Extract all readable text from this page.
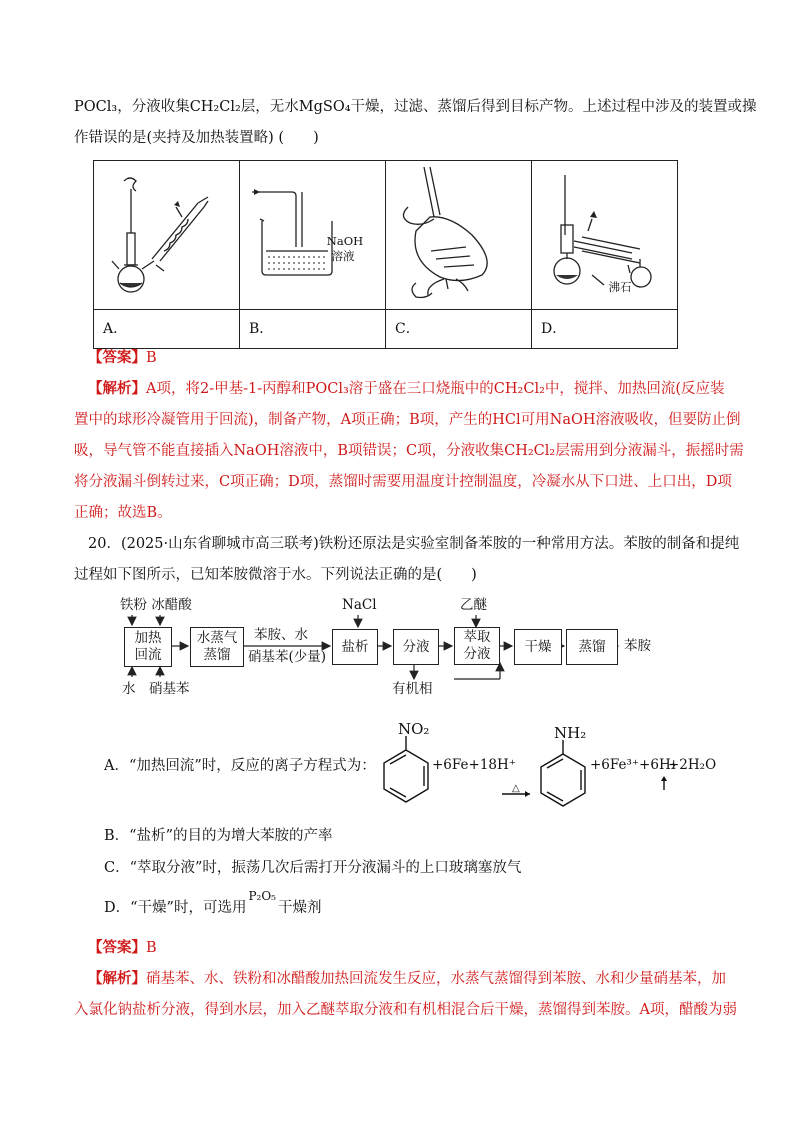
POCl₃，分液收集CH₂Cl₂层，无水MgSO₄干燥，过滤、蒸馏后得到目标产物。上述过程中涉及的装置或操
作错误的是(夹持及加热装置略) (　　)

NaOH
溶液		沸石

A．	B．	C．	D．
【答案】B
【解析】A项，将2-甲基-1-丙醇和POCl₃溶于盛在三口烧瓶中的CH₂Cl₂中，搅拌、加热回流(反应装
置中的球形冷凝管用于回流)，制备产物，A项正确；B项，产生的HCl可用NaOH溶液吸收，但要防止倒
吸，导气管不能直接插入NaOH溶液中，B项错误；C项，分液收集CH₂Cl₂层需用到分液漏斗，振摇时需
将分液漏斗倒转过来，C项正确；D项，蒸馏时需要用温度计控制温度，冷凝水从下口进、上口出，D项
正确；故选B。
20．(2025·山东省聊城市高三联考)铁粉还原法是实验室制备苯胺的一种常用方法。苯胺的制备和提纯
过程如下图所示，已知苯胺微溶于水。下列说法正确的是(　　)
铁粉 冰醋酸
加热
回流
水　硝基苯
水蒸气
蒸馏
苯胺、水
硝基苯(少量)
NaCl
盐析	分液
乙醚
萃取
分液
有机相
干燥	蒸馏	苯胺
A．“加热回流”时，反应的离子方程式为：
NO₂
+6Fe+18H⁺
△
NH₂
+6Fe³⁺+6H₂
+2H₂O
B．“盐析”的目的为增大苯胺的产率
C．“萃取分液”时，振荡几次后需打开分液漏斗的上口玻璃塞放气
D．“干燥”时，可选用$^{P_2O_5}$干燥剂
【答案】B
【解析】硝基苯、水、铁粉和冰醋酸加热回流发生反应，水蒸气蒸馏得到苯胺、水和少量硝基苯，加
入氯化钠盐析分液，得到水层，加入乙醚萃取分液和有机相混合后干燥，蒸馏得到苯胺。A项，醋酸为弱
